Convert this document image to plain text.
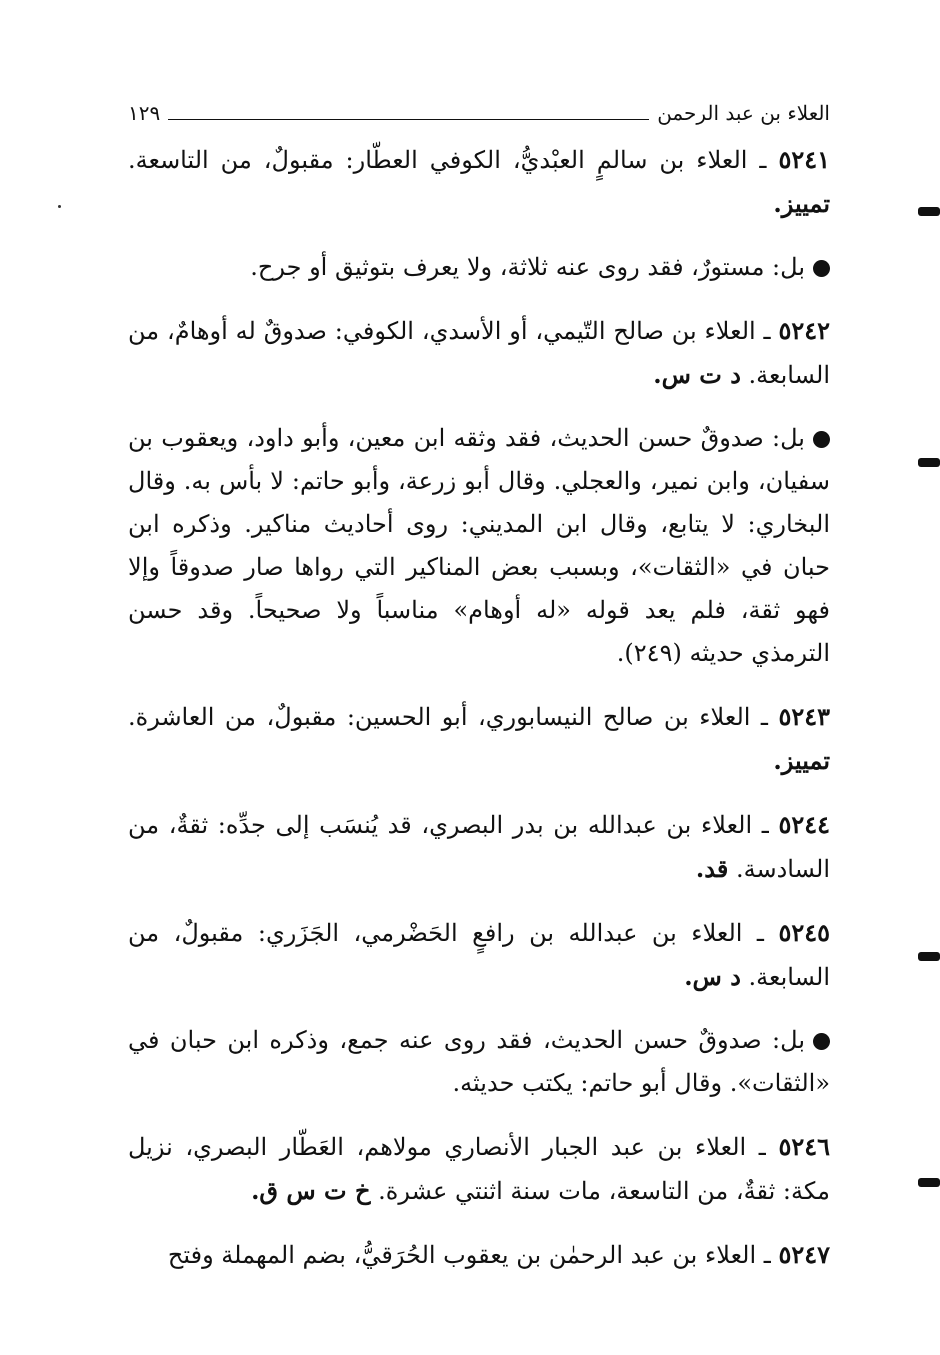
العلاء بن عبد الرحمن
١٢٩

٥٢٤١ ـ العلاء بن سالمٍ العبْديُّ، الكوفي العطّار: مقبولٌ، من التاسعة. تمييز.

بل: مستورٌ، فقد روى عنه ثلاثة، ولا يعرف بتوثيق أو جرح.

٥٢٤٢ ـ العلاء بن صالح التّيمي، أو الأسدي، الكوفي: صدوقٌ له أوهامٌ، من السابعة. د ت س.

بل: صدوقٌ حسن الحديث، فقد وثقه ابن معين، وأبو داود، ويعقوب بن سفيان، وابن نمير، والعجلي. وقال أبو زرعة، وأبو حاتم: لا بأس به. وقال البخاري: لا يتابع، وقال ابن المديني: روى أحاديث مناكير. وذكره ابن حبان في «الثقات»، وبسبب بعض المناكير التي رواها صار صدوقاً وإلا فهو ثقة، فلم يعد قوله «له أوهام» مناسباً ولا صحيحاً. وقد حسن الترمذي حديثه (٢٤٩).

٥٢٤٣ ـ العلاء بن صالح النيسابوري، أبو الحسين: مقبولٌ، من العاشرة. تمييز.

٥٢٤٤ ـ العلاء بن عبدالله بن بدر البصري، قد يُنسَب إلى جدِّه: ثقةٌ، من السادسة. قد.

٥٢٤٥ ـ العلاء بن عبدالله بن رافعٍ الحَضْرمي، الجَزَري: مقبولٌ، من السابعة. د س.

بل: صدوقٌ حسن الحديث، فقد روى عنه جمع، وذكره ابن حبان في «الثقات». وقال أبو حاتم: يكتب حديثه.

٥٢٤٦ ـ العلاء بن عبد الجبار الأنصاري مولاهم، العَطّار البصري، نزيل مكة: ثقةٌ، من التاسعة، مات سنة اثنتي عشرة. خ ت س ق.

٥٢٤٧ ـ العلاء بن عبد الرحمٰن بن يعقوب الحُرَقيُّ، بضم المهملة وفتح
